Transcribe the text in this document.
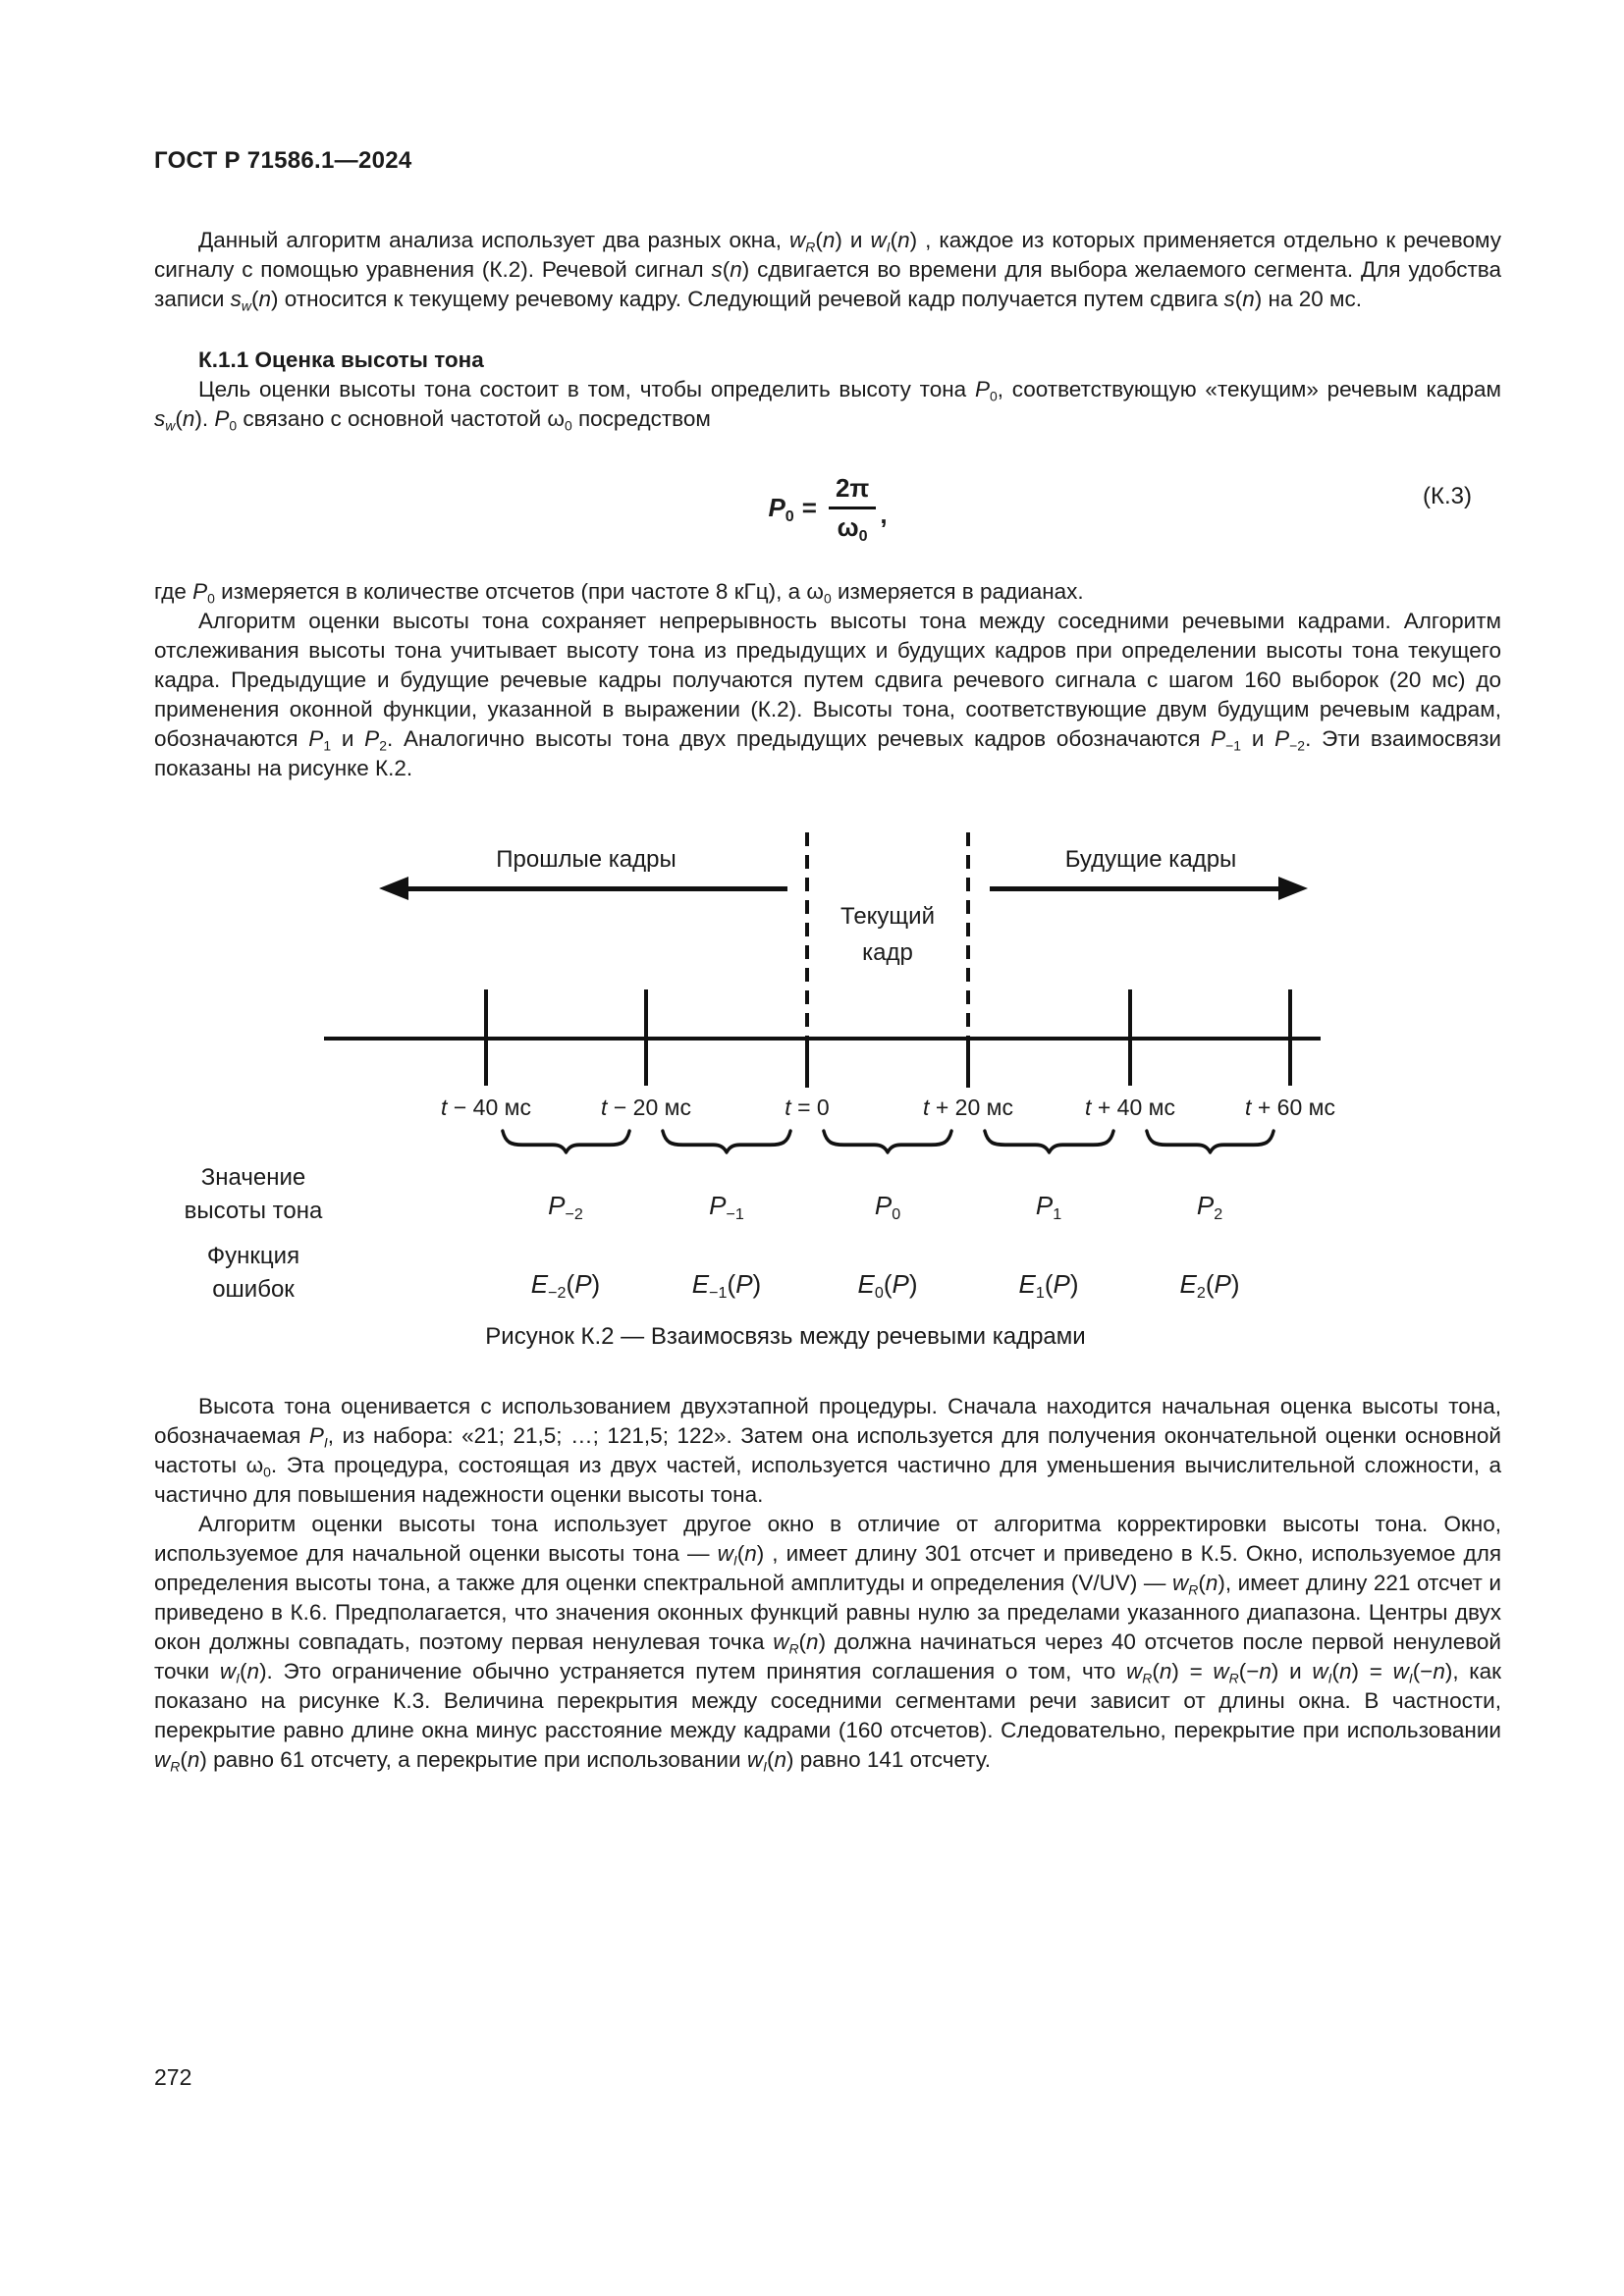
ГОСТ Р 71586.1—2024

Данный алгоритм анализа использует два разных окна, $w_R(n)$ и $w_I(n)$ , каждое из которых применяется отдельно к речевому сигналу с помощью уравнения (К.2). Речевой сигнал s(n) сдвигается во времени для выбора желаемого сегмента. Для удобства записи $s_w(n)$ относится к текущему речевому кадру. Следующий речевой кадр получается путем сдвига s(n) на 20 мс.

К.1.1 Оценка высоты тона

Цель оценки высоты тона состоит в том, чтобы определить высоту тона $P_0$, соответствующую «текущим» речевым кадрам $s_w(n)$. $P_0$ связано с основной частотой $\omega_0$ посредством

$P_0 = \frac{2\pi}{\omega_0}$ ,
(К.3)

где $P_0$ измеряется в количестве отсчетов (при частоте 8 кГц), а $\omega_0$ измеряется в радианах.

Алгоритм оценки высоты тона сохраняет непрерывность высоты тона между соседними речевыми кадрами. Алгоритм отслеживания высоты тона учитывает высоту тона из предыдущих и будущих кадров при определении высоты тона текущего кадра. Предыдущие и будущие речевые кадры получаются путем сдвига речевого сигнала с шагом 160 выборок (20 мс) до применения оконной функции, указанной в выражении (К.2). Высоты тона, соответствующие двум будущим речевым кадрам, обозначаются $P_1$ и $P_2$. Аналогично высоты тона двух предыдущих речевых кадров обозначаются $P_{-1}$ и $P_{-2}$. Эти взаимосвязи показаны на рисунке К.2.

Прошлые кадры	Будущие кадры
Текущий
кадр
t − 40 мс	t − 20 мс	t = 0	t + 20 мс	t + 40 мс	t + 60 мс
Значение
высоты тона	$P_{-2}$	$P_{-1}$	$P_0$	$P_1$	$P_2$
Функция
ошибок	$E_{-2}(P)$	$E_{-1}(P)$	$E_0(P)$	$E_1(P)$	$E_2(P)$
Рисунок К.2 — Взаимосвязь между речевыми кадрами

Высота тона оценивается с использованием двухэтапной процедуры. Сначала находится начальная оценка высоты тона, обозначаемая $P_I$, из набора: «21; 21,5; …; 121,5; 122». Затем она используется для получения окончательной оценки основной частоты $\omega_0$. Эта процедура, состоящая из двух частей, используется частично для уменьшения вычислительной сложности, а частично для повышения надежности оценки высоты тона.

Алгоритм оценки высоты тона использует другое окно в отличие от алгоритма корректировки высоты тона. Окно, используемое для начальной оценки высоты тона — $w_I(n)$ , имеет длину 301 отсчет и приведено в К.5. Окно, используемое для определения высоты тона, а также для оценки спектральной амплитуды и определения (V/UV) — $w_R(n)$, имеет длину 221 отсчет и приведено в К.6. Предполагается, что значения оконных функций равны нулю за пределами указанного диапазона. Центры двух окон должны совпадать, поэтому первая ненулевая точка $w_R(n)$ должна начинаться через 40 отсчетов после первой ненулевой точки $w_I(n)$. Это ограничение обычно устраняется путем принятия соглашения о том, что $w_R(n) = w_R(-n)$ и $w_I(n) = w_I(-n)$, как показано на рисунке К.3. Величина перекрытия между соседними сегментами речи зависит от длины окна. В частности, перекрытие равно длине окна минус расстояние между кадрами (160 отсчетов). Следовательно, перекрытие при использовании $w_R(n)$ равно 61 отсчету, а перекрытие при использовании $w_I(n)$ равно 141 отсчету.

272
